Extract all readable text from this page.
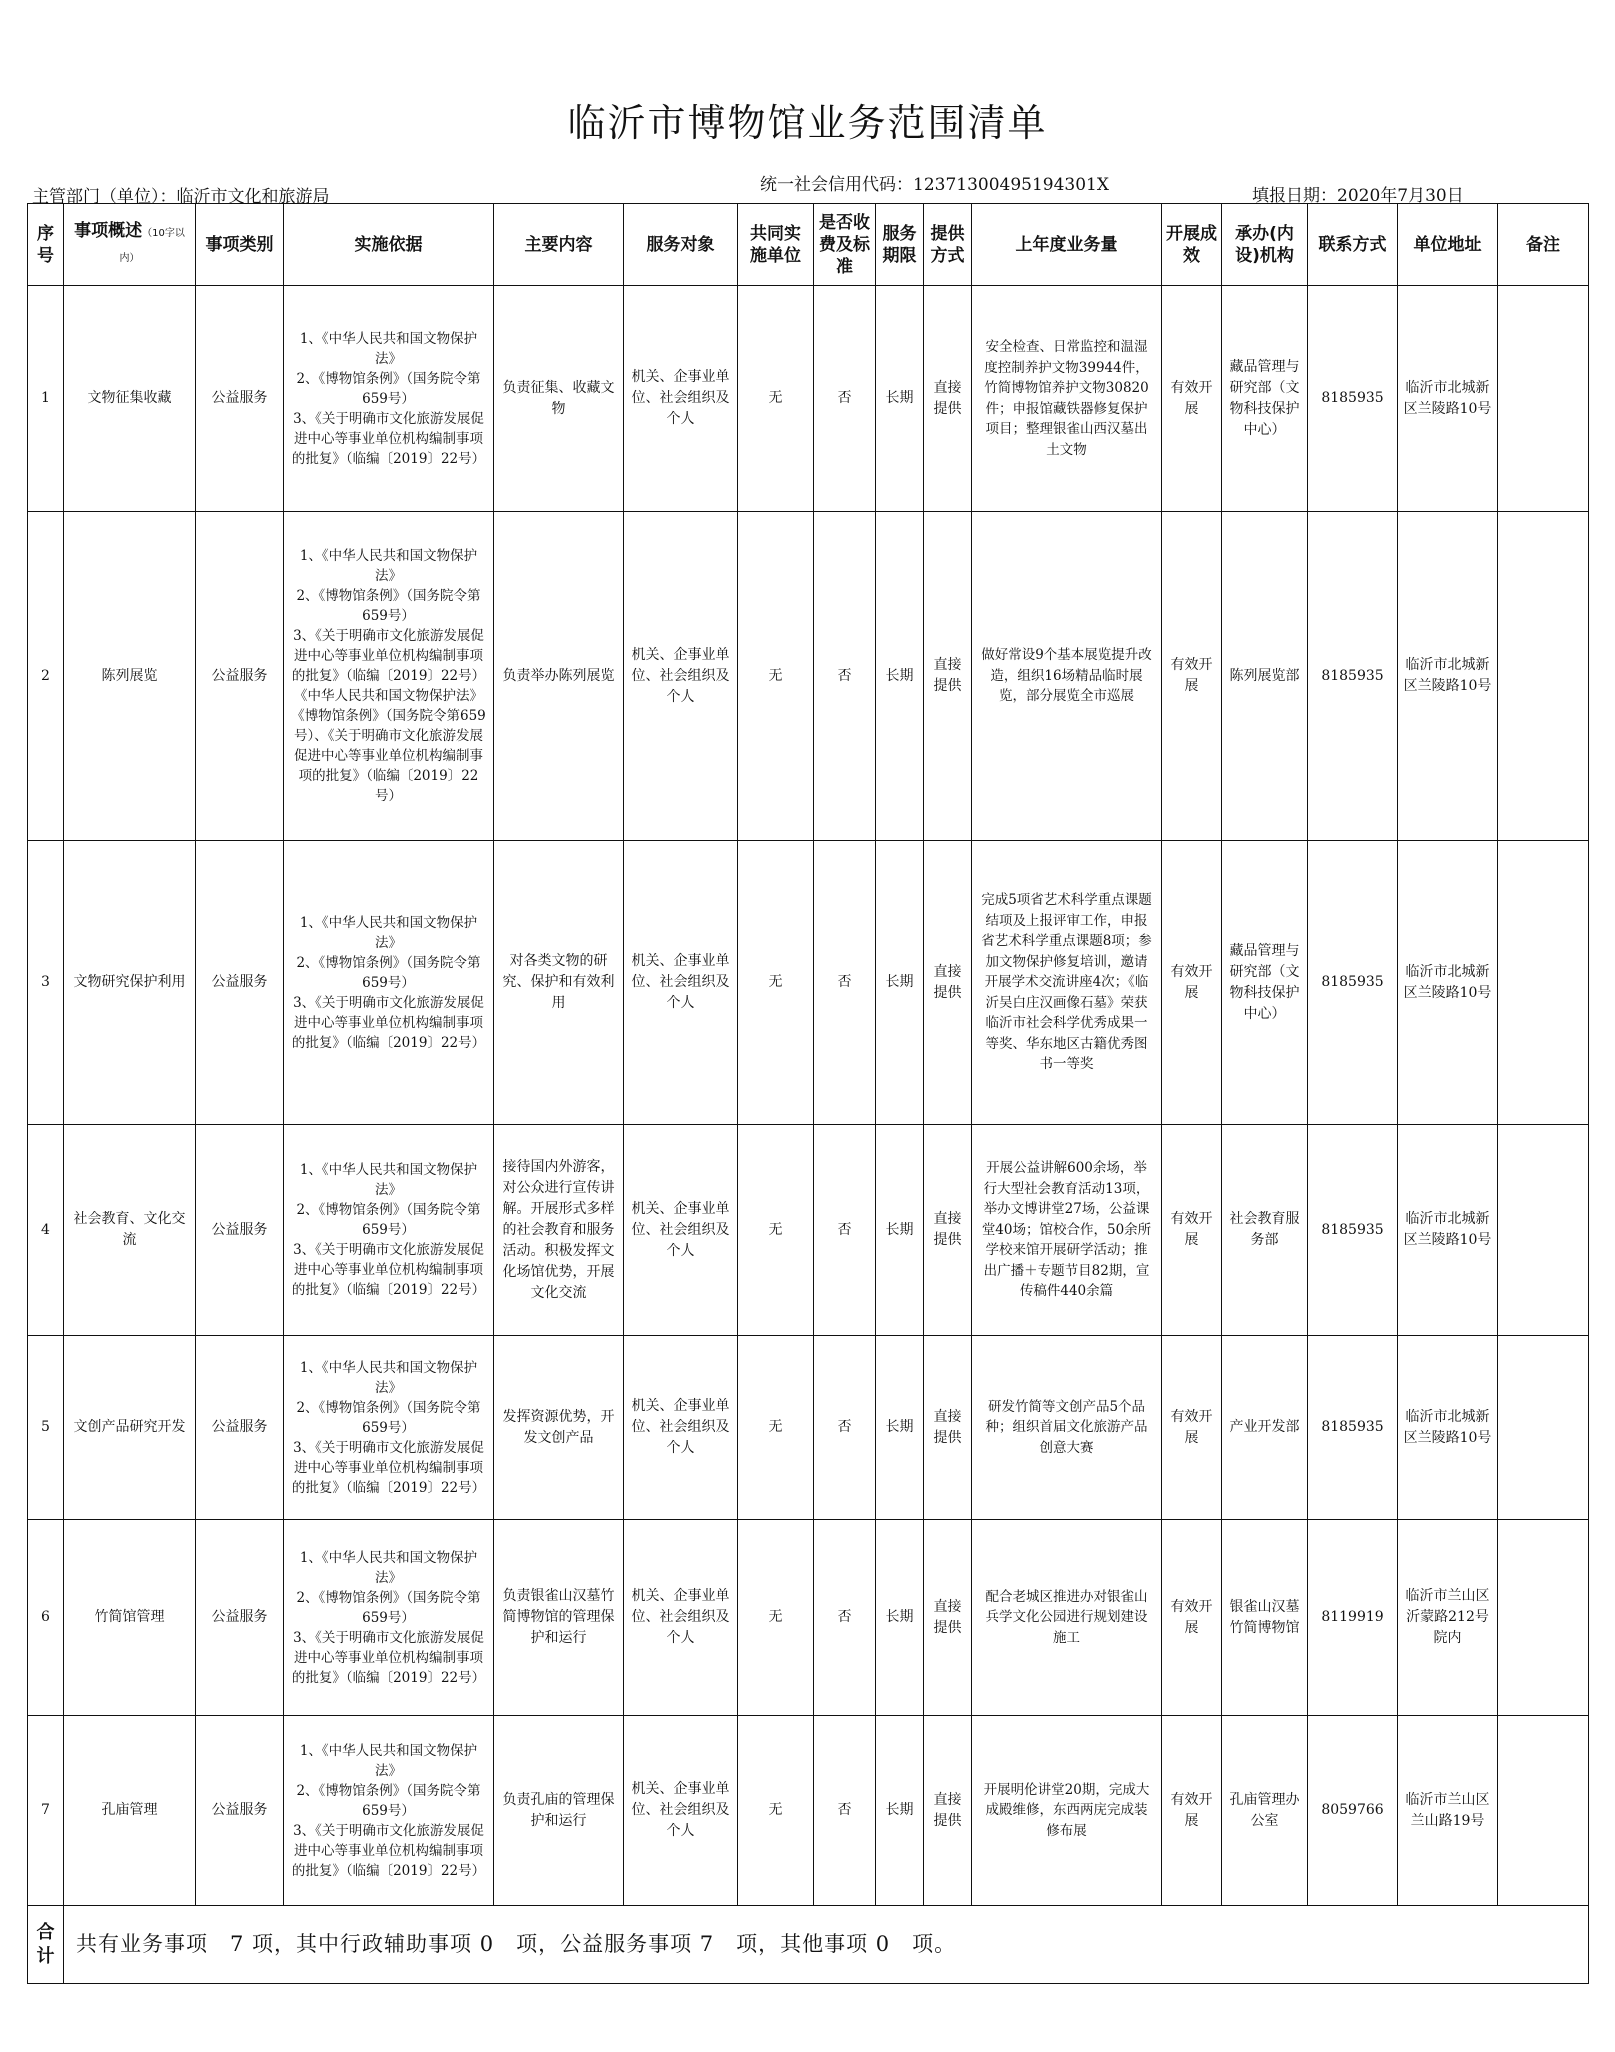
临沂市博物馆业务范围清单
主管部门（单位）：临沂市文化和旅游局
统一社会信用代码：12371300495194301X
填报日期：2020年7月30日
序号	事项概述（10字以内）	事项类别	实施依据	主要内容	服务对象	共同实施单位	是否收费及标准	服务期限	提供方式	上年度业务量	开展成效	承办(内设)机构	联系方式	单位地址	备注
1	文物征集收藏	公益服务	1、《中华人民共和国文物保护法》
2、《博物馆条例》（国务院令第659号）
3、《关于明确市文化旅游发展促进中心等事业单位机构编制事项的批复》（临编〔2019〕22号）	负责征集、收藏文物	机关、企事业单位、社会组织及个人	无	否	长期	直接提供	安全检查、日常监控和温湿度控制养护文物39944件，竹简博物馆养护文物30820件；申报馆藏铁器修复保护项目；整理银雀山西汉墓出土文物	有效开展	藏品管理与研究部（文物科技保护中心）	8185935	临沂市北城新区兰陵路10号	
2	陈列展览	公益服务	1、《中华人民共和国文物保护法》
2、《博物馆条例》（国务院令第659号）
3、《关于明确市文化旅游发展促进中心等事业单位机构编制事项的批复》（临编〔2019〕22号）《中华人民共和国文物保护法》《博物馆条例》（国务院令第659号）、《关于明确市文化旅游发展促进中心等事业单位机构编制事项的批复》（临编〔2019〕22号）	负责举办陈列展览	机关、企事业单位、社会组织及个人	无	否	长期	直接提供	做好常设9个基本展览提升改造，组织16场精品临时展览，部分展览全市巡展	有效开展	陈列展览部	8185935	临沂市北城新区兰陵路10号	
3	文物研究保护利用	公益服务	1、《中华人民共和国文物保护法》
2、《博物馆条例》（国务院令第659号）
3、《关于明确市文化旅游发展促进中心等事业单位机构编制事项的批复》（临编〔2019〕22号）	对各类文物的研究、保护和有效利用	机关、企事业单位、社会组织及个人	无	否	长期	直接提供	完成5项省艺术科学重点课题结项及上报评审工作，申报省艺术科学重点课题8项；参加文物保护修复培训，邀请开展学术交流讲座4次；《临沂吴白庄汉画像石墓》荣获临沂市社会科学优秀成果一等奖、华东地区古籍优秀图书一等奖	有效开展	藏品管理与研究部（文物科技保护中心）	8185935	临沂市北城新区兰陵路10号	
4	社会教育、文化交流	公益服务	1、《中华人民共和国文物保护法》
2、《博物馆条例》（国务院令第659号）
3、《关于明确市文化旅游发展促进中心等事业单位机构编制事项的批复》（临编〔2019〕22号）	接待国内外游客，对公众进行宣传讲解。开展形式多样的社会教育和服务活动。积极发挥文化场馆优势，开展文化交流	机关、企事业单位、社会组织及个人	无	否	长期	直接提供	开展公益讲解600余场，举行大型社会教育活动13项，举办文博讲堂27场，公益课堂40场；馆校合作，50余所学校来馆开展研学活动；推出广播＋专题节目82期，宣传稿件440余篇	有效开展	社会教育服务部	8185935	临沂市北城新区兰陵路10号	
5	文创产品研究开发	公益服务	1、《中华人民共和国文物保护法》
2、《博物馆条例》（国务院令第659号）
3、《关于明确市文化旅游发展促进中心等事业单位机构编制事项的批复》（临编〔2019〕22号）	发挥资源优势，开发文创产品	机关、企事业单位、社会组织及个人	无	否	长期	直接提供	研发竹简等文创产品5个品种；组织首届文化旅游产品创意大赛	有效开展	产业开发部	8185935	临沂市北城新区兰陵路10号	
6	竹简馆管理	公益服务	1、《中华人民共和国文物保护法》
2、《博物馆条例》（国务院令第659号）
3、《关于明确市文化旅游发展促进中心等事业单位机构编制事项的批复》（临编〔2019〕22号）	负责银雀山汉墓竹简博物馆的管理保护和运行	机关、企事业单位、社会组织及个人	无	否	长期	直接提供	配合老城区推进办对银雀山兵学文化公园进行规划建设施工	有效开展	银雀山汉墓竹简博物馆	8119919	临沂市兰山区沂蒙路212号院内	
7	孔庙管理	公益服务	1、《中华人民共和国文物保护法》
2、《博物馆条例》（国务院令第659号）
3、《关于明确市文化旅游发展促进中心等事业单位机构编制事项的批复》（临编〔2019〕22号）	负责孔庙的管理保护和运行	机关、企事业单位、社会组织及个人	无	否	长期	直接提供	开展明伦讲堂20期，完成大成殿维修，东西两庑完成装修布展	有效开展	孔庙管理办公室	8059766	临沂市兰山区兰山路19号	
合计	共有业务事项　7 项，其中行政辅助事项 0　项，公益服务事项 7　项，其他事项 0　项。														
